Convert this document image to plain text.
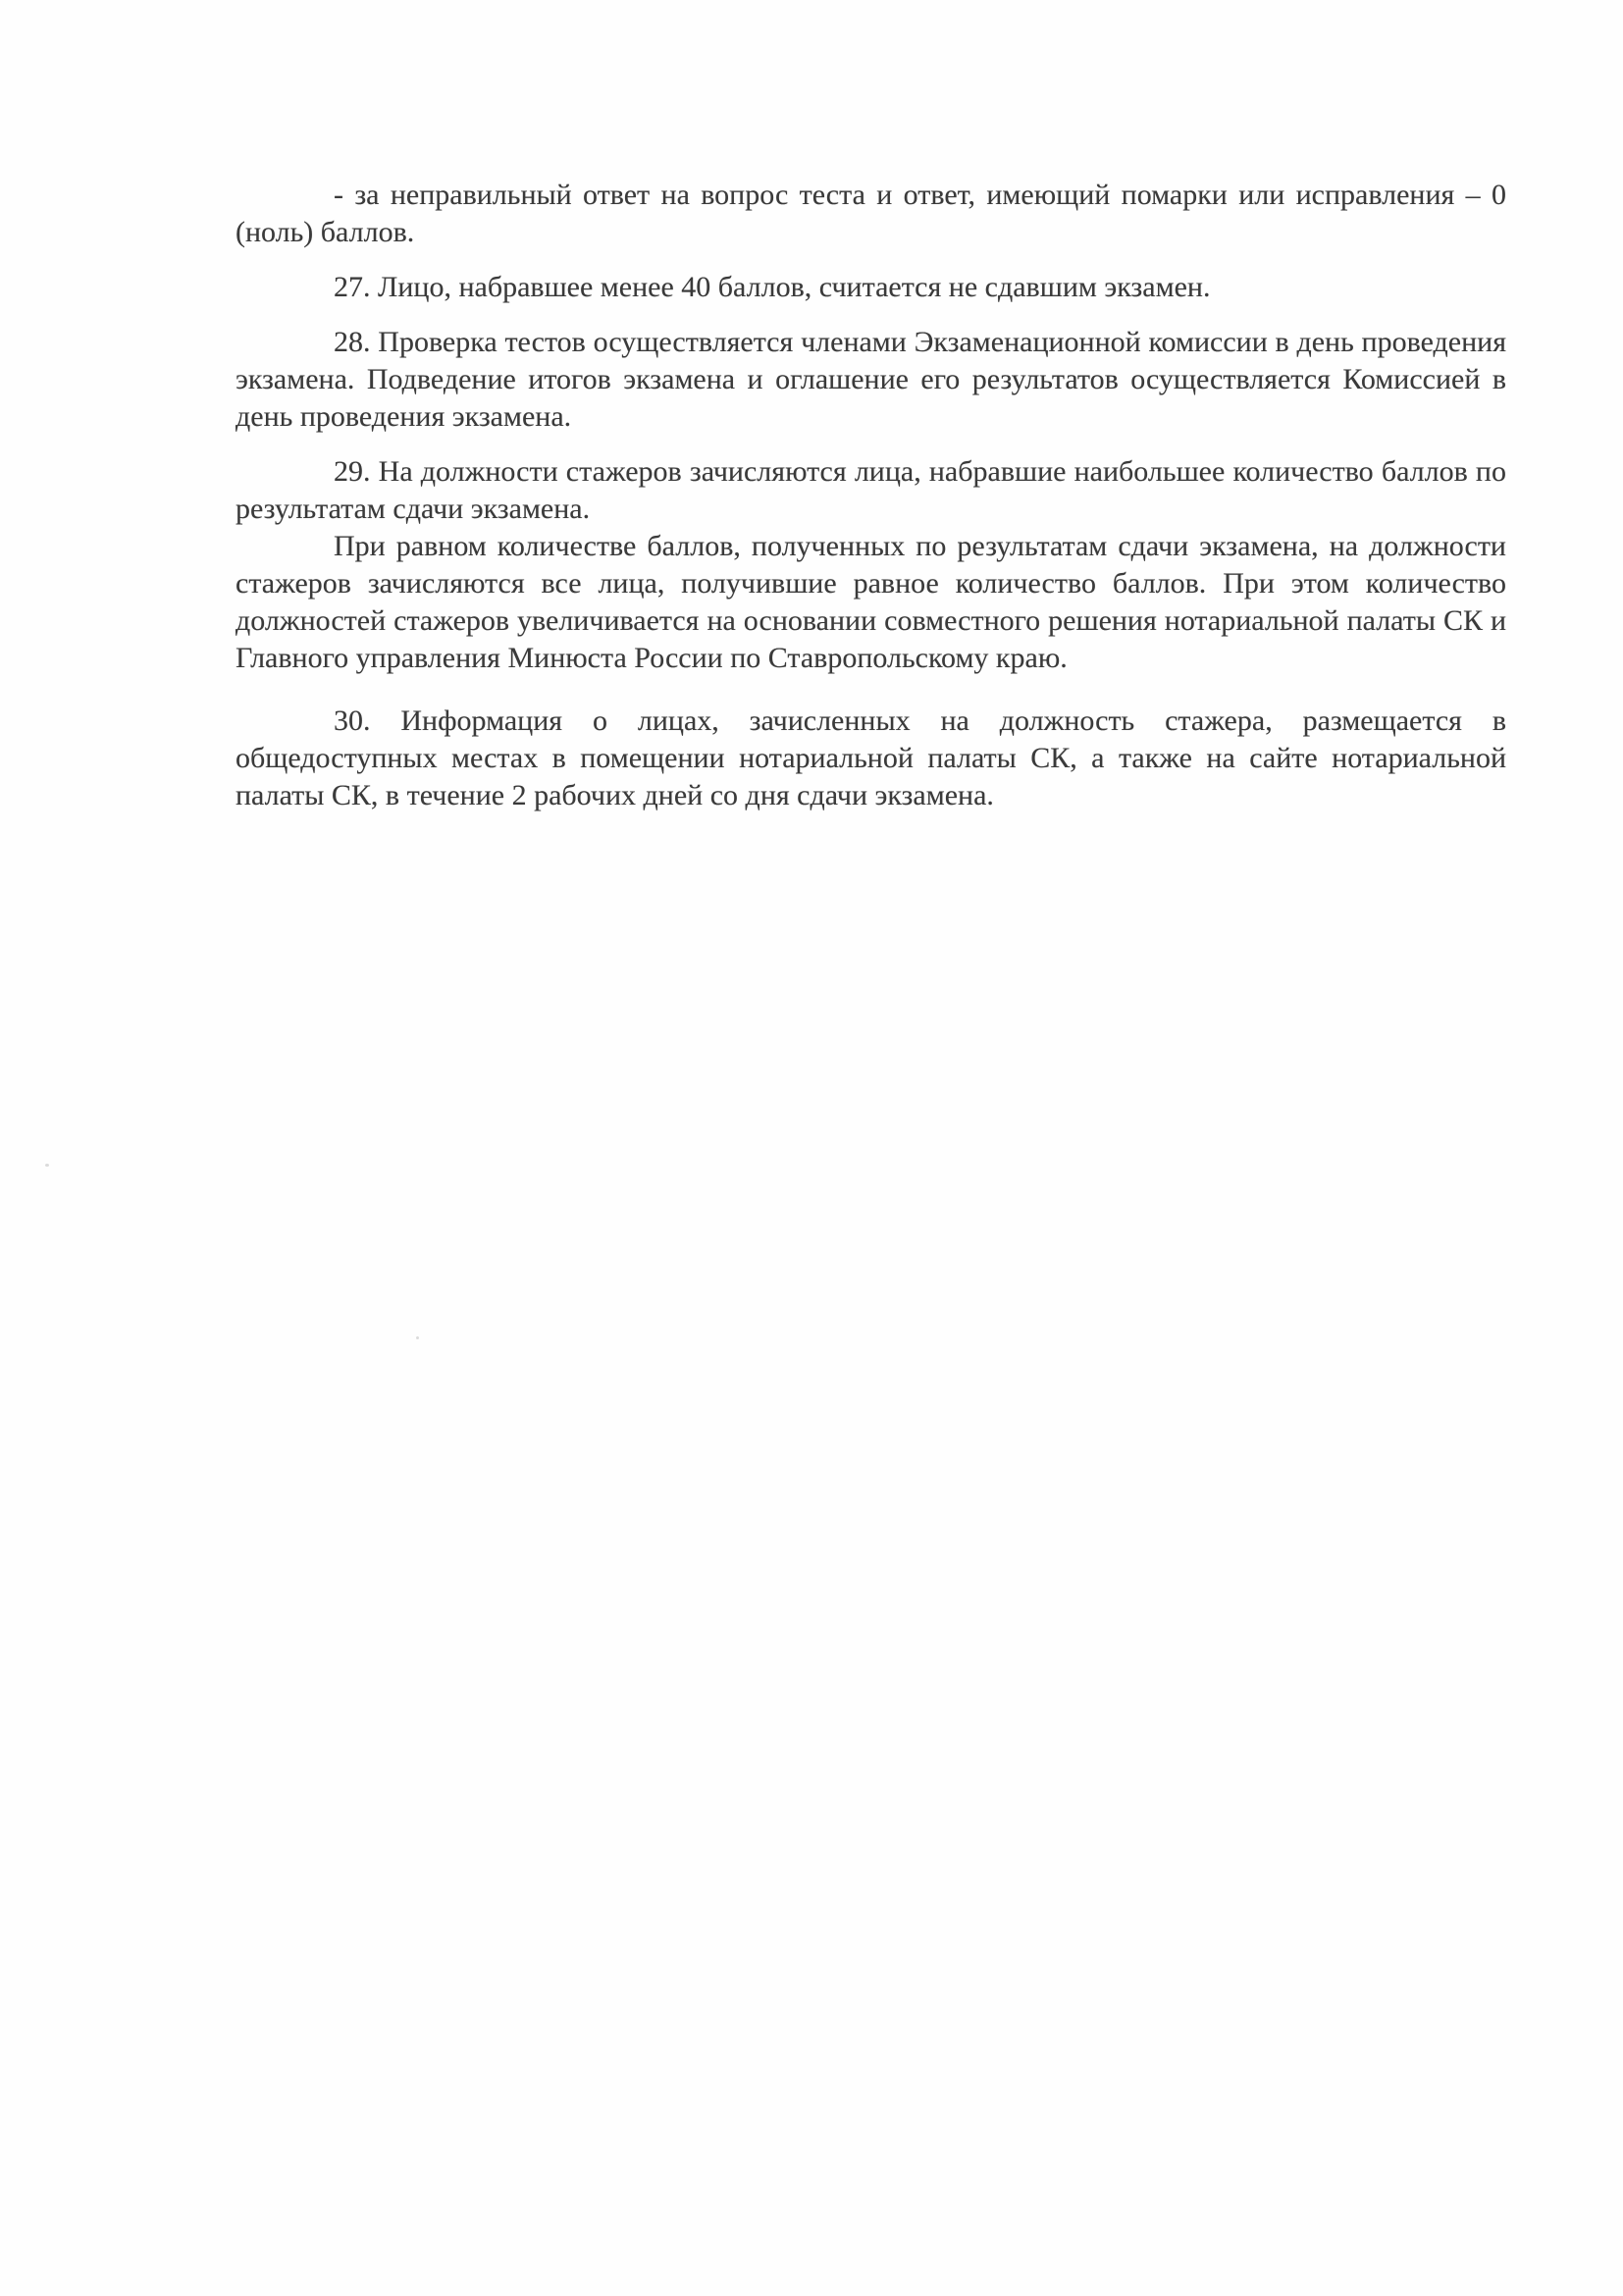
- за неправильный ответ на вопрос теста и ответ, имеющий помарки или исправления – 0 (ноль) баллов.

27. Лицо, набравшее менее 40 баллов, считается не сдавшим экзамен.

28. Проверка тестов осуществляется членами Экзаменационной комиссии в день проведения экзамена. Подведение итогов экзамена и оглашение его результатов осуществляется Комиссией в день проведения экзамена.

29. На должности стажеров зачисляются лица, набравшие наибольшее количество баллов по результатам сдачи экзамена.

При равном количестве баллов, полученных по результатам сдачи экзамена, на должности стажеров зачисляются все лица, получившие равное количество баллов. При этом количество должностей стажеров увеличивается на основании совместного решения нотариальной палаты СК и Главного управления Минюста России по Ставропольскому краю.

30. Информация о лицах, зачисленных на должность стажера, размещается в общедоступных местах в помещении нотариальной палаты СК, а также на сайте нотариальной палаты СК, в течение 2 рабочих дней со дня сдачи экзамена.
